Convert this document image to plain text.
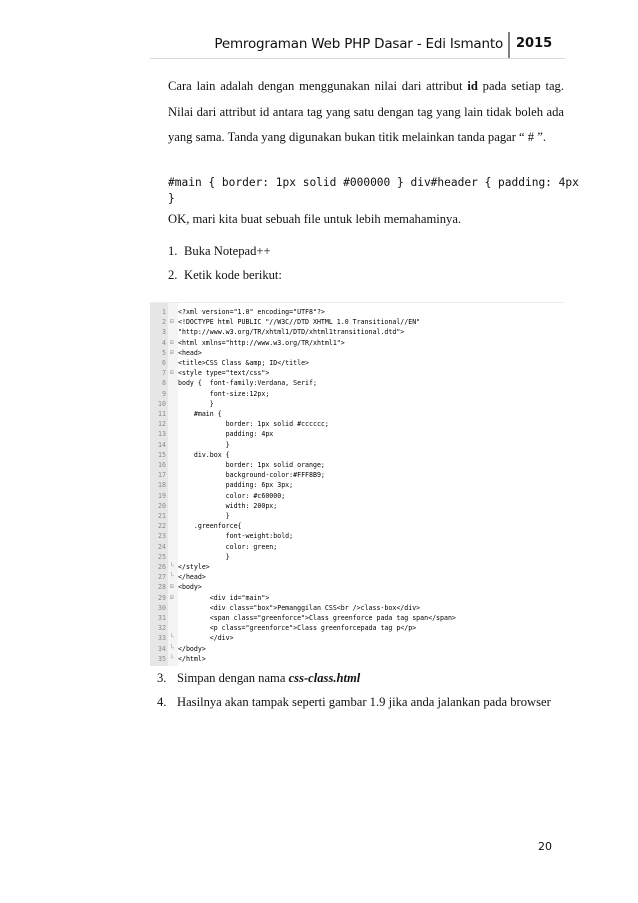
Pemrograman Web PHP Dasar - Edi Ismanto 2015
Cara lain adalah dengan menggunakan nilai dari attribut id pada setiap tag. Nilai dari attribut id antara tag yang satu dengan tag yang lain tidak boleh ada yang sama. Tanda yang digunakan bukan titik melainkan tanda pagar “ # ”.
#main { border: 1px solid #000000 } div#header { padding: 4px
}
OK, mari kita buat sebuah file untuk lebih memahaminya.
1. Buka Notepad++
2. Ketik kode berikut:
1 <?xml version="1.0" encoding="UTF8"?>
2 ⊟ <!DOCTYPE html PUBLIC "//W3C//DTD XHTML 1.0 Transitional//EN"
3 "http://www.w3.org/TR/xhtml1/DTD/xhtml1transitional.dtd">
4 ⊟ <html xmlns="http://www.w3.org/TR/xhtml1">
5 ⊟ <head>
6 <title>CSS Class &amp; ID</title>
7 ⊟ <style type="text/css">
8 body {  font-family:Verdana, Serif;
9 font-size:12px;
10 }
11 #main {
12 border: 1px solid #cccccc;
13 padding: 4px
14 }
15 div.box {
16 border: 1px solid orange;
17 background-color:#FFF8B9;
18 padding: 6px 3px;
19 color: #c60000;
20 width: 200px;
21 }
22 .greenforce{
23 font-weight:bold;
24 color: green;
25 }
26 └ </style>
27 └ </head>
28 ⊟ <body>
29 ⊟ <div id="main">
30 <div class="box">Pemanggilan CSS<br />class-box</div>
31 <span class="greenforce">Class greenforce pada tag span</span>
32 <p class="greenforce">Class greenforcepada tag p</p>
33 └ </div>
34 └ </body>
35 └ </html>
3. Simpan dengan nama css-class.html
4. Hasilnya akan tampak seperti gambar 1.9 jika anda jalankan pada browser
20
